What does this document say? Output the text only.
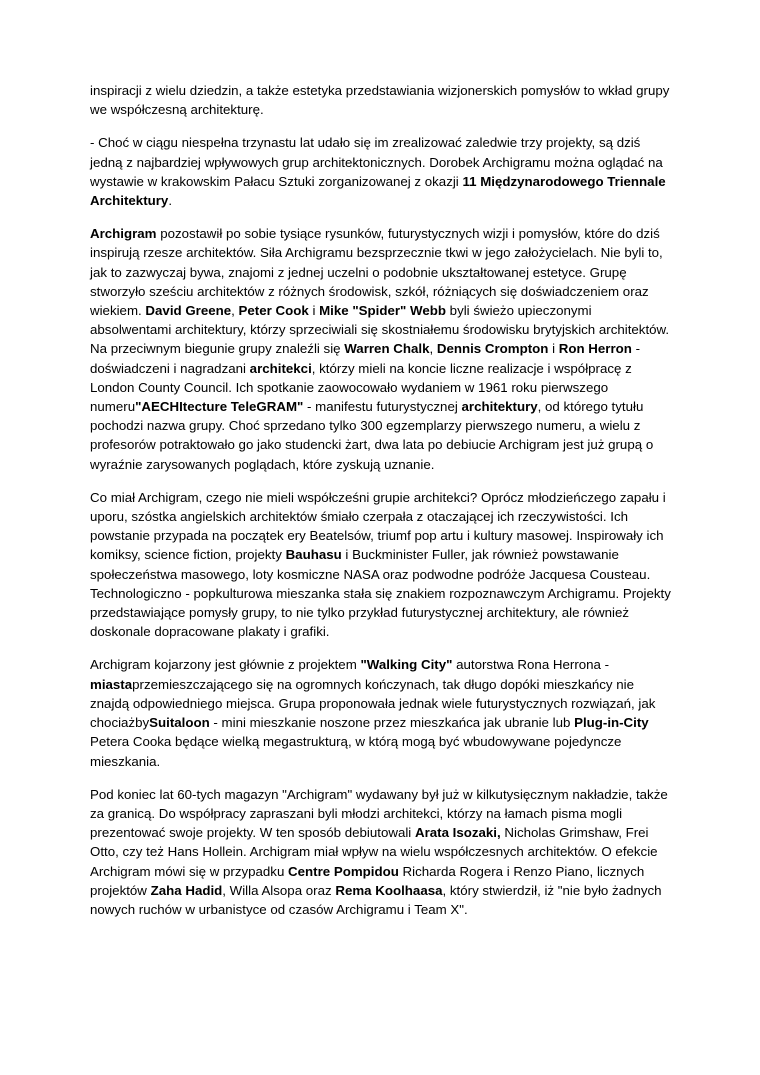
inspiracji z wielu dziedzin, a także estetyka przedstawiania wizjonerskich pomysłów to wkład grupy we współczesną architekturę.

- Choć w ciągu niespełna trzynastu lat udało się im zrealizować zaledwie trzy projekty, są dziś jedną z najbardziej wpływowych grup architektonicznych. Dorobek Archigramu można oglądać na wystawie w krakowskim Pałacu Sztuki zorganizowanej z okazji 11 Międzynarodowego Triennale Architektury.

Archigram pozostawił po sobie tysiące rysunków, futurystycznych wizji i pomysłów, które do dziś inspirują rzesze architektów. Siła Archigramu bezsprzecznie tkwi w jego założycielach. Nie byli to, jak to zazwyczaj bywa, znajomi z jednej uczelni o podobnie ukształtowanej estetyce. Grupę stworzyło sześciu architektów z różnych środowisk, szkół, różniących się doświadczeniem oraz wiekiem. David Greene, Peter Cook i Mike "Spider" Webb byli świeżo upieczonymi absolwentami architektury, którzy sprzeciwiali się skostniałemu środowisku brytyjskich architektów. Na przeciwnym biegunie grupy znaleźli się Warren Chalk, Dennis Crompton i Ron Herron - doświadczeni i nagradzani architekci, którzy mieli na koncie liczne realizacje i współpracę z London County Council. Ich spotkanie zaowocowało wydaniem w 1961 roku pierwszego numeru"AECHItecture TeleGRAM" - manifestu futurystycznej architektury, od którego tytułu pochodzi nazwa grupy. Choć sprzedano tylko 300 egzemplarzy pierwszego numeru, a wielu z profesorów potraktowało go jako studencki żart, dwa lata po debiucie Archigram jest już grupą o wyraźnie zarysowanych poglądach, które zyskują uznanie.

Co miał Archigram, czego nie mieli współcześni grupie architekci? Oprócz młodzieńczego zapału i uporu, szóstka angielskich architektów śmiało czerpała z otaczającej ich rzeczywistości. Ich powstanie przypada na początek ery Beatelsów, triumf pop artu i kultury masowej. Inspirowały ich komiksy, science fiction, projekty Bauhasu i Buckminister Fuller, jak również powstawanie społeczeństwa masowego, loty kosmiczne NASA oraz podwodne podróże Jacquesa Cousteau. Technologiczno - popkulturowa mieszanka stała się znakiem rozpoznawczym Archigramu. Projekty przedstawiające pomysły grupy, to nie tylko przykład futurystycznej architektury, ale również doskonale dopracowane plakaty i grafiki.

Archigram kojarzony jest głównie z projektem "Walking City" autorstwa Rona Herrona - miastaprzemieszczającego się na ogromnych kończynach, tak długo dopóki mieszkańcy nie znajdą odpowiedniego miejsca. Grupa proponowała jednak wiele futurystycznych rozwiązań, jak chociażbySuitaloon - mini mieszkanie noszone przez mieszkańca jak ubranie lub Plug-in-City Petera Cooka będące wielką megastrukturą, w którą mogą być wbudowywane pojedyncze mieszkania.

Pod koniec lat 60-tych magazyn "Archigram" wydawany był już w kilkutysięcznym nakładzie, także za granicą. Do współpracy zapraszani byli młodzi architekci, którzy na łamach pisma mogli prezentować swoje projekty. W ten sposób debiutowali Arata Isozaki, Nicholas Grimshaw, Frei Otto, czy też Hans Hollein. Archigram miał wpływ na wielu współczesnych architektów. O efekcie Archigram mówi się w przypadku Centre Pompidou Richarda Rogera i Renzo Piano, licznych projektów Zaha Hadid, Willa Alsopa oraz Rema Koolhaasa, który stwierdził, iż "nie było żadnych nowych ruchów w urbanistyce od czasów Archigramu i Team X".
